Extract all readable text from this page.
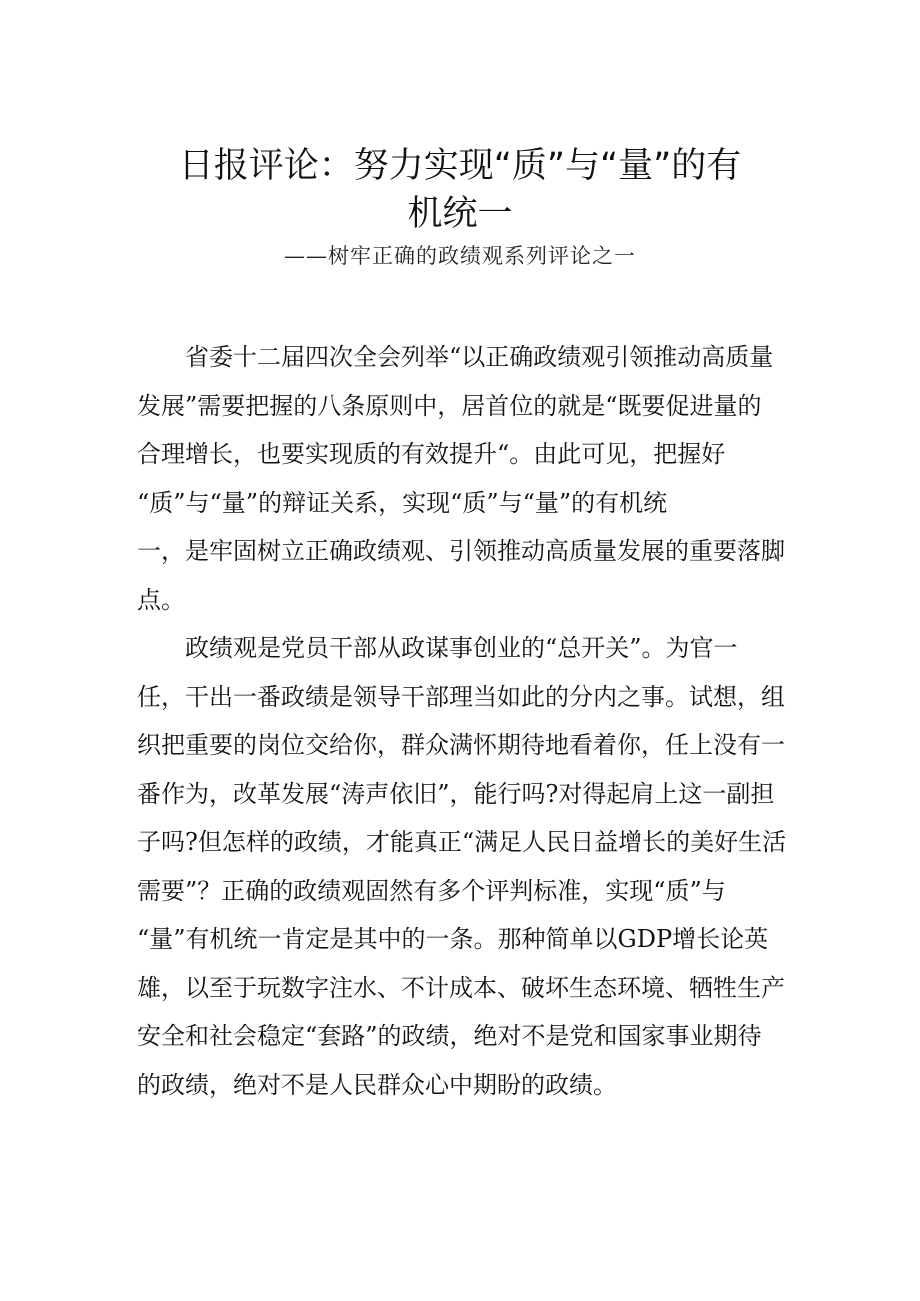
日报评论：努力实现“质”与“量”的有
机统一
——树牢正确的政绩观系列评论之一
省委十二届四次全会列举“以正确政绩观引领推动高质量
发展”需要把握的八条原则中，居首位的就是“既要促进量的
合理增长，也要实现质的有效提升“。由此可见，把握好
“质”与“量”的辩证关系，实现“质”与“量”的有机统
一，是牢固树立正确政绩观、引领推动高质量发展的重要落脚
点。
政绩观是党员干部从政谋事创业的“总开关”。为官一
任，干出一番政绩是领导干部理当如此的分内之事。试想，组
织把重要的岗位交给你，群众满怀期待地看着你，任上没有一
番作为，改革发展“涛声依旧”，能行吗?对得起肩上这一副担
子吗?但怎样的政绩，才能真正“满足人民日益增长的美好生活
需要”？正确的政绩观固然有多个评判标准，实现“质”与
“量”有机统一肯定是其中的一条。那种简单以GDP增长论英
雄，以至于玩数字注水、不计成本、破坏生态环境、牺牲生产
安全和社会稳定“套路”的政绩，绝对不是党和国家事业期待
的政绩，绝对不是人民群众心中期盼的政绩。
